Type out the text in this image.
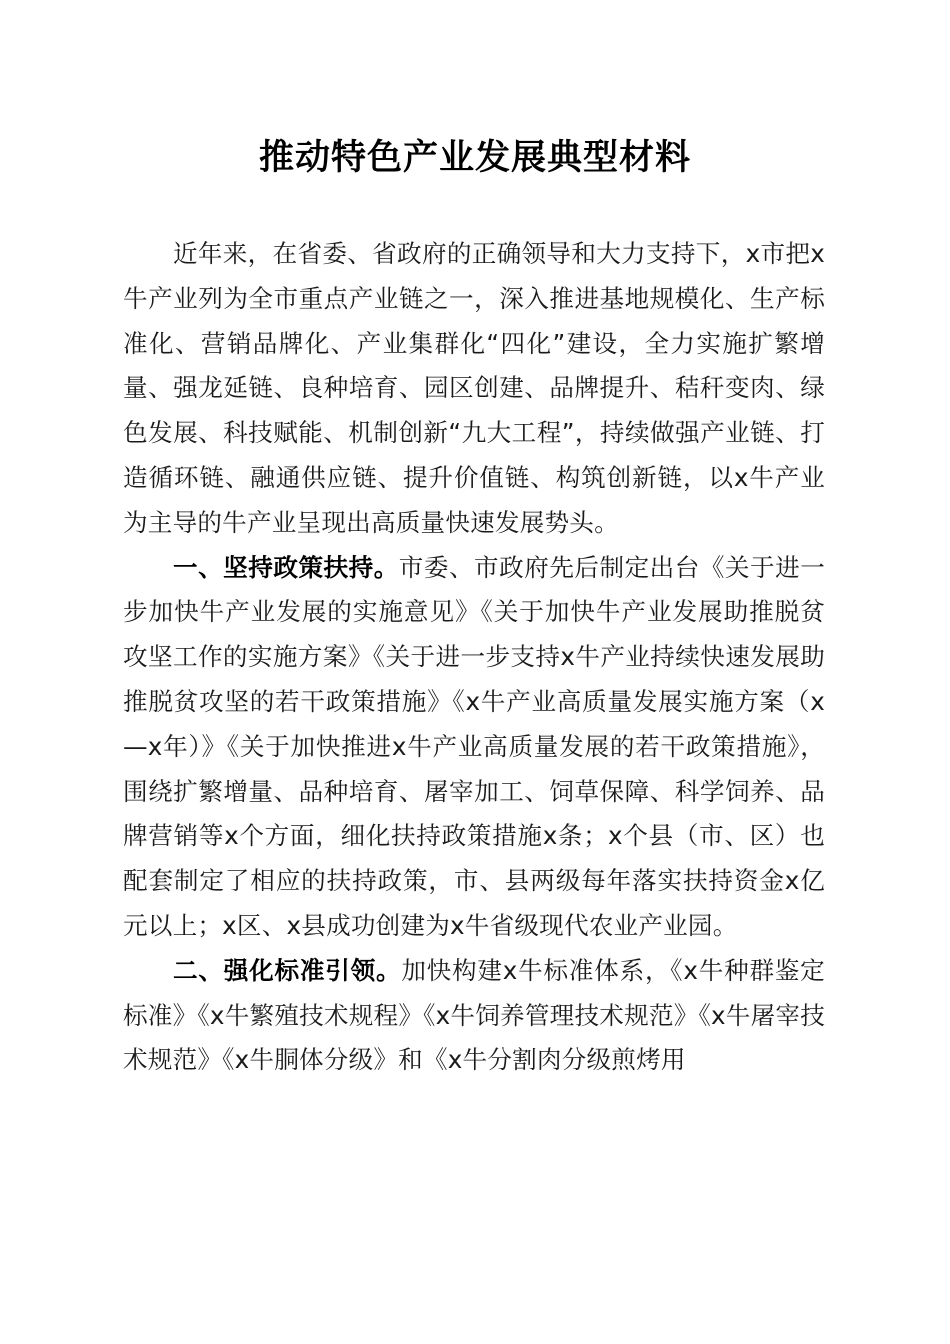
推动特色产业发展典型材料

近年来，在省委、省政府的正确领导和大力支持下，x市把x牛产业列为全市重点产业链之一，深入推进基地规模化、生产标准化、营销品牌化、产业集群化“四化”建设，全力实施扩繁增量、强龙延链、良种培育、园区创建、品牌提升、秸秆变肉、绿色发展、科技赋能、机制创新“九大工程”，持续做强产业链、打造循环链、融通供应链、提升价值链、构筑创新链，以x牛产业为主导的牛产业呈现出高质量快速发展势头。

一、坚持政策扶持。市委、市政府先后制定出台《关于进一步加快牛产业发展的实施意见》《关于加快牛产业发展助推脱贫攻坚工作的实施方案》《关于进一步支持x牛产业持续快速发展助推脱贫攻坚的若干政策措施》《x牛产业高质量发展实施方案（x—x年）》《关于加快推进x牛产业高质量发展的若干政策措施》，围绕扩繁增量、品种培育、屠宰加工、饲草保障、科学饲养、品牌营销等x个方面，细化扶持政策措施x条；x个县（市、区）也配套制定了相应的扶持政策，市、县两级每年落实扶持资金x亿元以上；x区、x县成功创建为x牛省级现代农业产业园。

二、强化标准引领。加快构建x牛标准体系，《x牛种群鉴定标准》《x牛繁殖技术规程》《x牛饲养管理技术规范》《x牛屠宰技术规范》《x牛胴体分级》和《x牛分割肉分级煎烤用
